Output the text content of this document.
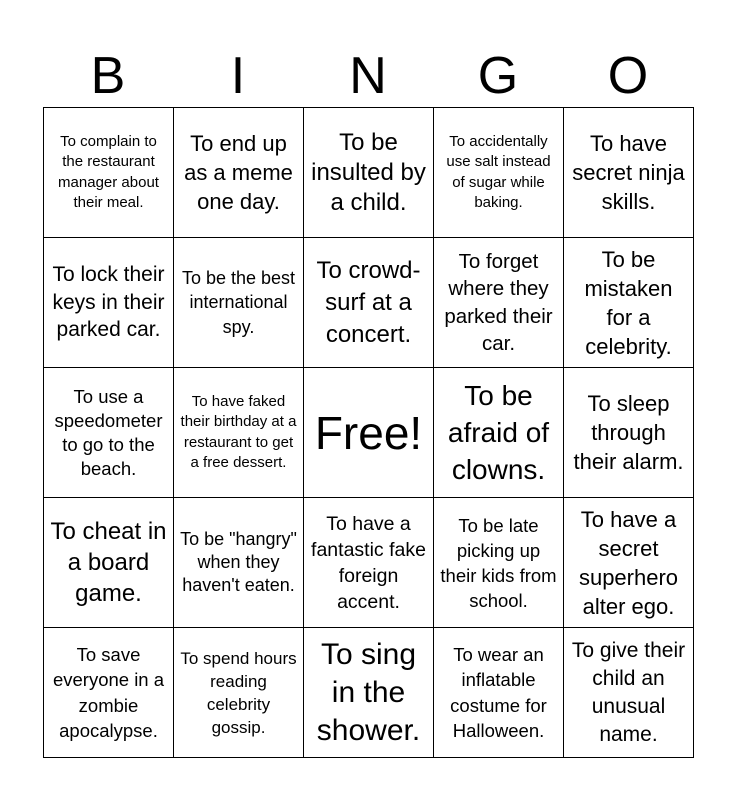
B	I	N	G	O
To complain to the restaurant manager about their meal.	To end up as a meme one day.	To be insulted by a child.	To accidentally use salt instead of sugar while baking.	To have secret ninja skills.

To lock their keys in their parked car.	To be the best international spy.	To crowd-surf at a concert.	To forget where they parked their car.	To be mistaken for a celebrity.

To use a speedometer to go to the beach.	To have faked their birthday at a restaurant to get a free dessert.	Free!	To be afraid of clowns.	To sleep through their alarm.

To cheat in a board game.	To be "hangry" when they haven't eaten.	To have a fantastic fake foreign accent.	To be late picking up their kids from school.	To have a secret superhero alter ego.

To save everyone in a zombie apocalypse.	To spend hours reading celebrity gossip.	To sing in the shower.	To wear an inflatable costume for Halloween.	To give their child an unusual name.
